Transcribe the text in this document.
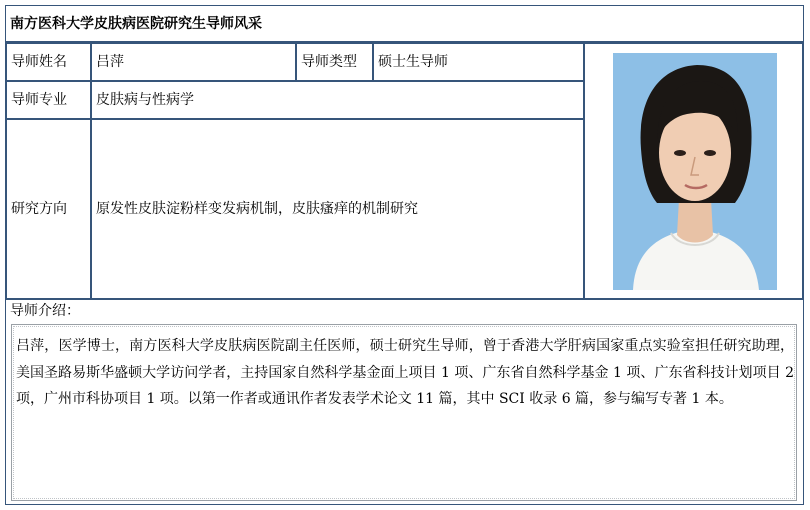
南方医科大学皮肤病医院研究生导师风采
导师姓名	吕萍	导师类型	硕士生导师
导师专业	皮肤病与性病学
研究方向	原发性皮肤淀粉样变发病机制，皮肤瘙痒的机制研究
导师介绍：
吕萍，医学博士，南方医科大学皮肤病医院副主任医师，硕士研究生导师，曾于香港大学肝病国家重点实验室担任研究助理，美国圣路易斯华盛顿大学访问学者，主持国家自然科学基金面上项目 1 项、广东省自然科学基金 1 项、广东省科技计划项目 2 项，广州市科协项目 1 项。以第一作者或通讯作者发表学术论文 11 篇，其中 SCI 收录 6 篇，参与编写专著 1 本。
